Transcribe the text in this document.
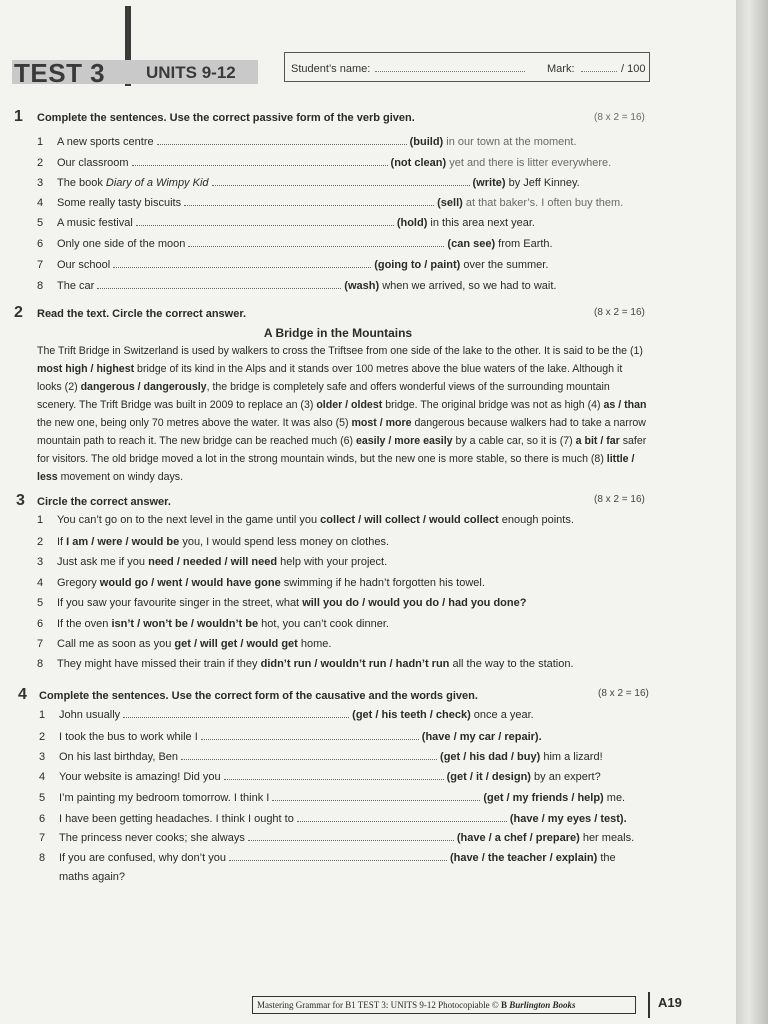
TEST 3 UNITS 9-12	Student’s name:	Mark:	/ 100
1 Complete the sentences. Use the correct passive form of the verb given.	(8 x 2 = 16)
1 A new sports centre	(build) in our town at the moment.
2 Our classroom	(not clean) yet and there is litter everywhere.
3 The book Diary of a Wimpy Kid	(write) by Jeff Kinney.
4 Some really tasty biscuits	(sell) at that baker’s. I often buy them.
5 A music festival	(hold) in this area next year.
6 Only one side of the moon	(can see) from Earth.
7 Our school	(going to / paint) over the summer.
8 The car	(wash) when we arrived, so we had to wait.
2 Read the text. Circle the correct answer.	(8 x 2 = 16)
A Bridge in the Mountains
The Trift Bridge in Switzerland is used by walkers to cross the Triftsee from one side of the lake to the other. It is said to be the (1) most high / highest bridge of its kind in the Alps and it stands over 100 metres above the blue waters of the lake. Although it looks (2) dangerous / dangerously, the bridge is completely safe and offers wonderful views of the surrounding mountain scenery. The Trift Bridge was built in 2009 to replace an (3) older / oldest bridge. The original bridge was not as high (4) as / than the new one, being only 70 metres above the water. It was also (5) most / more dangerous because walkers had to take a narrow mountain path to reach it. The new bridge can be reached much (6) easily / more easily by a cable car, so it is (7) a bit / far safer for visitors. The old bridge moved a lot in the strong mountain winds, but the new one is more stable, so there is much (8) little / less movement on windy days.
3 Circle the correct answer.	(8 x 2 = 16)
1 You can’t go on to the next level in the game until you collect / will collect / would collect enough points.
2 If I am / were / would be you, I would spend less money on clothes.
3 Just ask me if you need / needed / will need help with your project.
4 Gregory would go / went / would have gone swimming if he hadn’t forgotten his towel.
5 If you saw your favourite singer in the street, what will you do / would you do / had you done?
6 If the oven isn’t / won’t be / wouldn’t be hot, you can’t cook dinner.
7 Call me as soon as you get / will get / would get home.
8 They might have missed their train if they didn’t run / wouldn’t run / hadn’t run all the way to the station.
4 Complete the sentences. Use the correct form of the causative and the words given.	(8 x 2 = 16)
1 John usually	(get / his teeth / check) once a year.
2 I took the bus to work while I	(have / my car / repair).
3 On his last birthday, Ben	(get / his dad / buy) him a lizard!
4 Your website is amazing! Did you	(get / it / design) by an expert?
5 I’m painting my bedroom tomorrow. I think I	(get / my friends / help) me.
6 I have been getting headaches. I think I ought to	(have / my eyes / test).
7 The princess never cooks; she always	(have / a chef / prepare) her meals.
8 If you are confused, why don’t you	(have / the teacher / explain) the
maths again?
Mastering Grammar for B1 TEST 3: UNITS 9-12 Photocopiable © B Burlington Books	A19
